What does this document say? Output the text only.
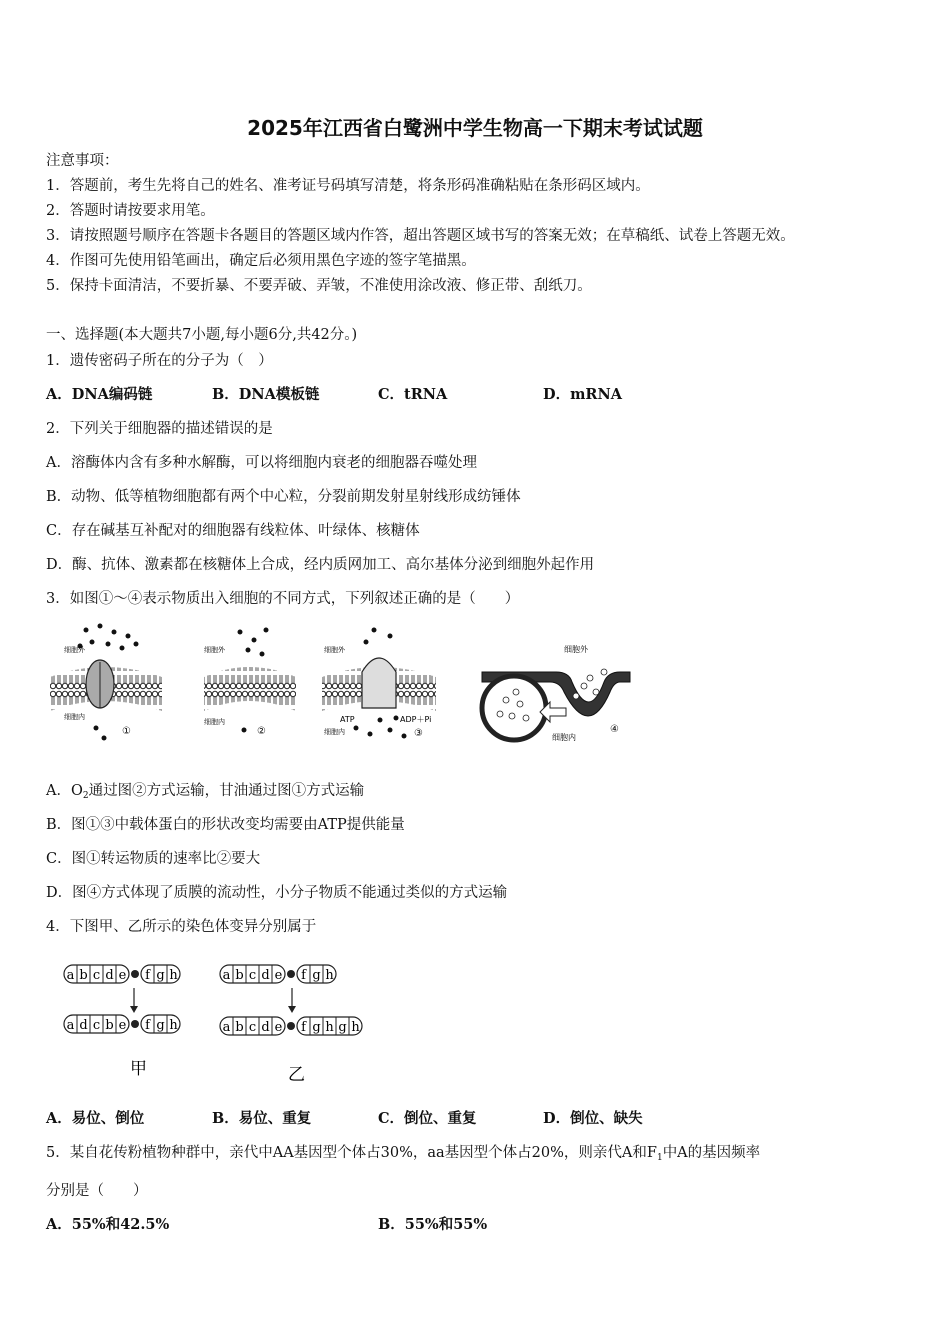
2025年江西省白鹭洲中学生物高一下期末考试试题
注意事项：
1．答题前，考生先将自己的姓名、准考证号码填写清楚，将条形码准确粘贴在条形码区域内。
2．答题时请按要求用笔。
3．请按照题号顺序在答题卡各题目的答题区域内作答，超出答题区域书写的答案无效；在草稿纸、试卷上答题无效。
4．作图可先使用铅笔画出，确定后必须用黑色字迹的签字笔描黑。
5．保持卡面清洁，不要折暴、不要弄破、弄皱，不准使用涂改液、修正带、刮纸刀。
一、选择题(本大题共7小题,每小题6分,共42分。)
1．遗传密码子所在的分子为（　）
A．DNA编码链	B．DNA模板链	C．tRNA	D．mRNA
2．下列关于细胞器的描述错误的是
A．溶酶体内含有多种水解酶，可以将细胞内衰老的细胞器吞噬处理
B．动物、低等植物细胞都有两个中心粒，分裂前期发射星射线形成纺锤体
C．存在碱基互补配对的细胞器有线粒体、叶绿体、核糖体
D．酶、抗体、激素都在核糖体上合成，经内质网加工、高尔基体分泌到细胞外起作用
3．如图①～④表示物质出入细胞的不同方式，下列叙述正确的是（　　）
细胞外
细胞内
①
细胞外
细胞内
②
细胞外
细胞内
ATP	ADP＋Pi
③
细胞外
细胞内
④
A．$O_2$通过图②方式运输，甘油通过图①方式运输
B．图①③中载体蛋白的形状改变均需要由ATP提供能量
C．图①转运物质的速率比②要大
D．图④方式体现了质膜的流动性，小分子物质不能通过类似的方式运输
4．下图甲、乙所示的染色体变异分别属于
a b c d e f g h
a d c b e f g h
a b c d e f g h
a b c d e f g h g h
甲	乙
A．易位、倒位	B．易位、重复	C．倒位、重复	D．倒位、缺失
5．某自花传粉植物种群中，亲代中AA基因型个体占30%，aa基因型个体占20%，则亲代A和$F_1$中A的基因频率
分别是（　　）
A．55%和42.5%	B．55%和55%
